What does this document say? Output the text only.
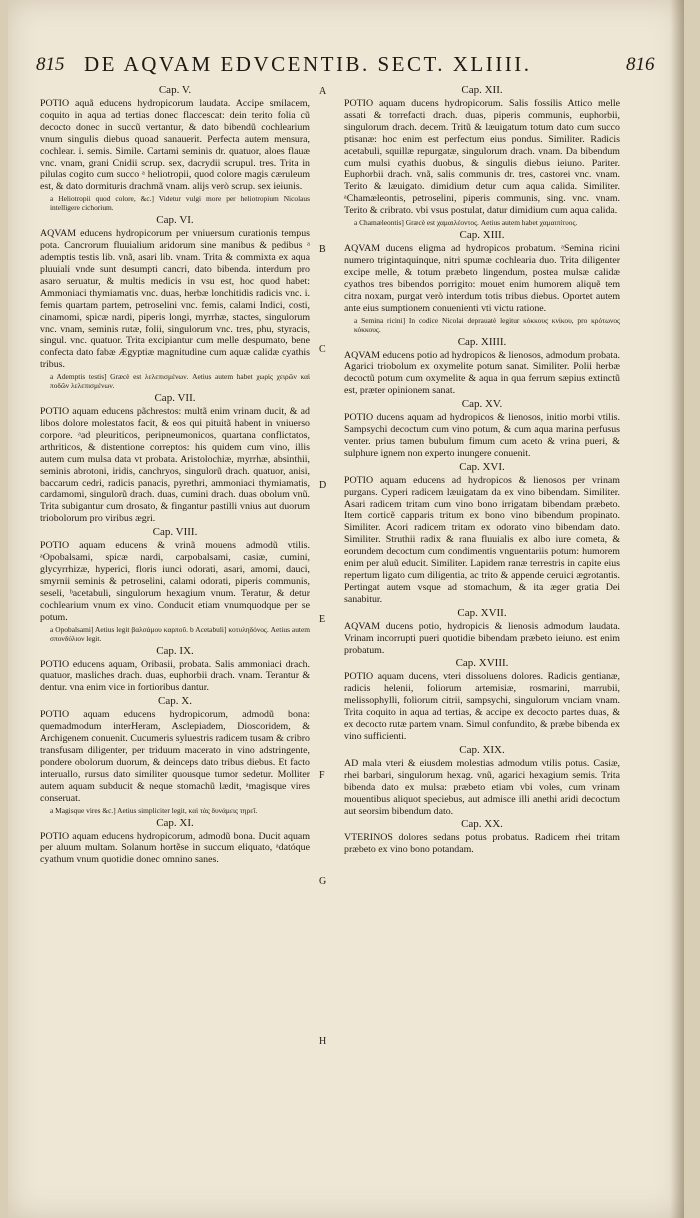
815 DE AQVAM EDVCENTIB. SECT. XLIIII.	816
Cap. V.

POTIO aquã educens hydropicorum laudata. Accipe smilacem, coquito in aqua ad tertias donec flaccescat: dein terito folia cũ decocto donec in succũ vertantur, & dato bibendũ cochlearium vnum singulis diebus quoad sanauerit. Perfecta autem mensura, cochlear. i. semis. Simile. Cartami seminis dr. quatuor, aloes flauæ vnc. vnam, grani Cnidii scrup. sex, dacrydii scrupul. tres. Trita in pilulas cogito cum succo ᵃ heliotropii, quod colore magis cæruleum est, & dato dormituris drachmã vnam. alijs verò scrup. sex ieiunis.

a Heliotropii quod colore, &c.] Videtur vulgi more per heliotropium Nicolaus intelligere cichorium.
Cap. VI.

AQVAM educens hydropicorum per vniuersum curationis tempus pota. Cancrorum fluuialium aridorum sine manibus & pedibus ᵃ ademptis testis lib. vnã, asari lib. vnam. Trita & commixta ex aqua pluuiali vnde sunt desumpti cancri, dato bibenda. interdum pro asaro seruatur, & multis medicis in vsu est, hoc quod habet: Ammoniaci thymiamatis vnc. duas, herbæ lonchitidis radicis vnc. i. femis quartam partem, petroselini vnc. femis, calami Indici, costi, cinamomi, spicæ nardi, piperis longi, myrrhæ, stactes, singulorum vnc. vnam, seminis rutæ, folii, singulorum vnc. tres, phu, styracis, singul. vnc. quatuor. Trita excipiantur cum melle despumato, bene confecta dato fabæ Ægyptiæ magnitudine cum aquæ calidæ cyathis tribus.

a Ademptis testis] Græcè est λελεπισμένων. Aetius autem habet χωρὶς χειρῶν καὶ ποδῶν λελεπισμένων.
Cap. VII.

POTIO aquam educens pãchrestos: multã enim vrinam ducit, & ad libos dolore molestatos facit, & eos qui pituitã habent in vniuerso corpore. ᵃad pleuriticos, peripneumonicos, quartana conflictatos, arthriticos, & distentione correptos: his quidem cum vino, illis autem cum mulsa data vt probata. Aristolochiæ, myrrhæ, absinthii, seminis abrotoni, iridis, canchryos, singulorũ drach. quatuor, anisi, baccarum cedri, radicis panacis, pyrethri, ammoniaci thymiamatis, cardamomi, singulorũ drach. duas, cumini drach. duas obolum vnũ. Trita subigantur cum drosato, & fingantur pastilli vnius aut duorum triobolorum pro viribus ægri.

Cap. VIII.

POTIO aquam educens & vrinã mouens admodũ vtilis. ᵃOpobalsami, spicæ nardi, carpobalsami, casiæ, cumini, glycyrrhizæ, hyperici, floris iunci odorati, asari, amomi, dauci, smyrnii seminis & petroselini, calami odorati, piperis communis, seseli, ᵇacetabuli, singulorum hexagium vnum. Teratur, & detur cochlearium vnum ex vino. Conducit etiam vnumquodque per se potum.

a Opobalsami] Aetius legit βαλσάμου καρποῦ. b Acetabuli] κοτυληδόνος. Aetius autem σπονδύλιον legit.
Cap. IX.

POTIO educens aquam, Oribasii, probata. Salis ammoniaci drach. quatuor, masliches drach. duas, euphorbii drach. vnam. Terantur & dentur. vna enim vice in fortioribus dantur.

Cap. X.

POTIO aquam educens hydropicorum, admodũ bona: quemadmodum interHeram, Asclepiadem, Dioscoridem, & Archigenem conuenit. Cucumeris syluestris radicem tusam & cribro transfusam diligenter, per triduum macerato in vino adstringente, pondere obolorum duorum, & deinceps dato tribus diebus. Et facto interuallo, rursus dato similiter quousque tumor sedetur. Molliter autem aquam subducit & neque stomachũ lædit, ᵃmagisque vires conseruat.

a Magisque vires &c.] Aetius simpliciter legit, καὶ τὰς δυνάμεις τηρεῖ.
Cap. XI.

POTIO aquam educens hydropicorum, admodũ bona. Ducit aquam per aluum multam. Solanum hortẽse in succum eliquato, ᵃdatóque cyathum vnum quotidie donec omnino sanes.

Cap. XII.

POTIO aquam ducens hydropicorum. Salis fossilis Attico melle assati & torrefacti drach. duas, piperis communis, euphorbii, singulorum drach. decem. Tritũ & læuigatum totum dato cum succo ptisanæ: hoc enim est perfectum eius pondus. Similiter. Radicis acetabuli, squillæ repurgatæ, singulorum drach. vnam. Da bibendum cum mulsi cyathis duobus, & singulis diebus ieiuno. Pariter. Euphorbii drach. vnã, salis communis dr. tres, castorei vnc. vnam. Terito & læuigato. dimidium detur cum aqua calida. Similiter. ᵃChamæleontis, petroselini, piperis communis, sing. vnc. vnam. Terito & cribrato. vbi vsus postulat, datur dimidium cum aqua calida.

a Chamæleontis] Græcè est χαμαιλέοντος. Aetius autem habet χαμαιπίτυος.
Cap. XIII.

AQVAM ducens eligma ad hydropicos probatum. ᵃSemina ricini numero trigintaquinque, nitri spumæ cochlearia duo. Trita diligenter excipe melle, & totum præbeto lingendum, postea mulsæ calidæ cyathos tres bibendos porrigito: mouet enim humorem aliquẽ tem citra noxam, purgat verò interdum totis tribus diebus. Oportet autem ante eius sumptionem conuenienti vti victu ratione.

a Semina ricini] In codice Nicolai deprauatè legitur κόκκους κνίκου, pro κρότωνος κόκκους.
Cap. XIIII.

AQVAM educens potio ad hydropicos & lienosos, admodum probata. Agarici triobolum ex oxymelite potum sanat. Similiter. Polii herbæ decoctũ potum cum oxymelite & aqua in qua ferrum sæpius extinctũ est, præter opinionem sanat.

Cap. XV.

POTIO ducens aquam ad hydropicos & lienosos, initio morbi vtilis. Sampsychi decoctum cum vino potum, & cum aqua marina perfusus venter. prius tamen bubulum fimum cum aceto & vrina pueri, & sulphure ignem non experto inungere conuenit.

Cap. XVI.

POTIO aquam educens ad hydropicos & lienosos per vrinam purgans. Cyperi radicem læuigatam da ex vino bibendam. Similiter. Asari radicem tritam cum vino bono irrigatam bibendam præbeto. Item corticẽ capparis tritum ex bono vino bibendum propinato. Similiter. Acori radicem tritam ex odorato vino bibendam dato. Similiter. Struthii radix & rana fluuialis ex albo iure cometa, & eorundem decoctum cum condimentis vnguentariis potum: humorem enim per aluũ educit. Similiter. Lapidem ranæ terrestris in capite eius repertum ligato cum diligentia, ac trito & appende ceruici ægrotantis. Pertingat autem vsque ad stomachum, & ita æger gratia Dei sanabitur.

Cap. XVII.

AQVAM ducens potio, hydropicis & lienosis admodum laudata. Vrinam incorrupti pueri quotidie bibendam præbeto ieiuno. est enim probatum.

Cap. XVIII.

POTIO aquam ducens, vteri dissoluens dolores. Radicis gentianæ, radicis helenii, foliorum artemisiæ, rosmarini, marrubii, melissophylli, foliorum citrii, sampsychi, singulorum vnciam vnam. Trita coquito in aqua ad tertias, & accipe ex decocto partes duas, & ex decocto rutæ partem vnam. Simul confundito, & præbe bibenda ex vino sufficienti.

Cap. XIX.

AD mala vteri & eiusdem molestias admodum vtilis potus. Casiæ, rhei barbari, singulorum hexag. vnũ, agarici hexagium semis. Trita bibenda dato ex mulsa: præbeto etiam vbi voles, cum vrinam mouentibus aliquot speciebus, aut admisce illi anethi aridi decoctum aut seorsim bibendum dato.

Cap. XX.

VTERINOS dolores sedans potus probatus. Radicem rhei tritam præbeto ex vino bono potandam.

A
B
C
D
E
F
G
H
